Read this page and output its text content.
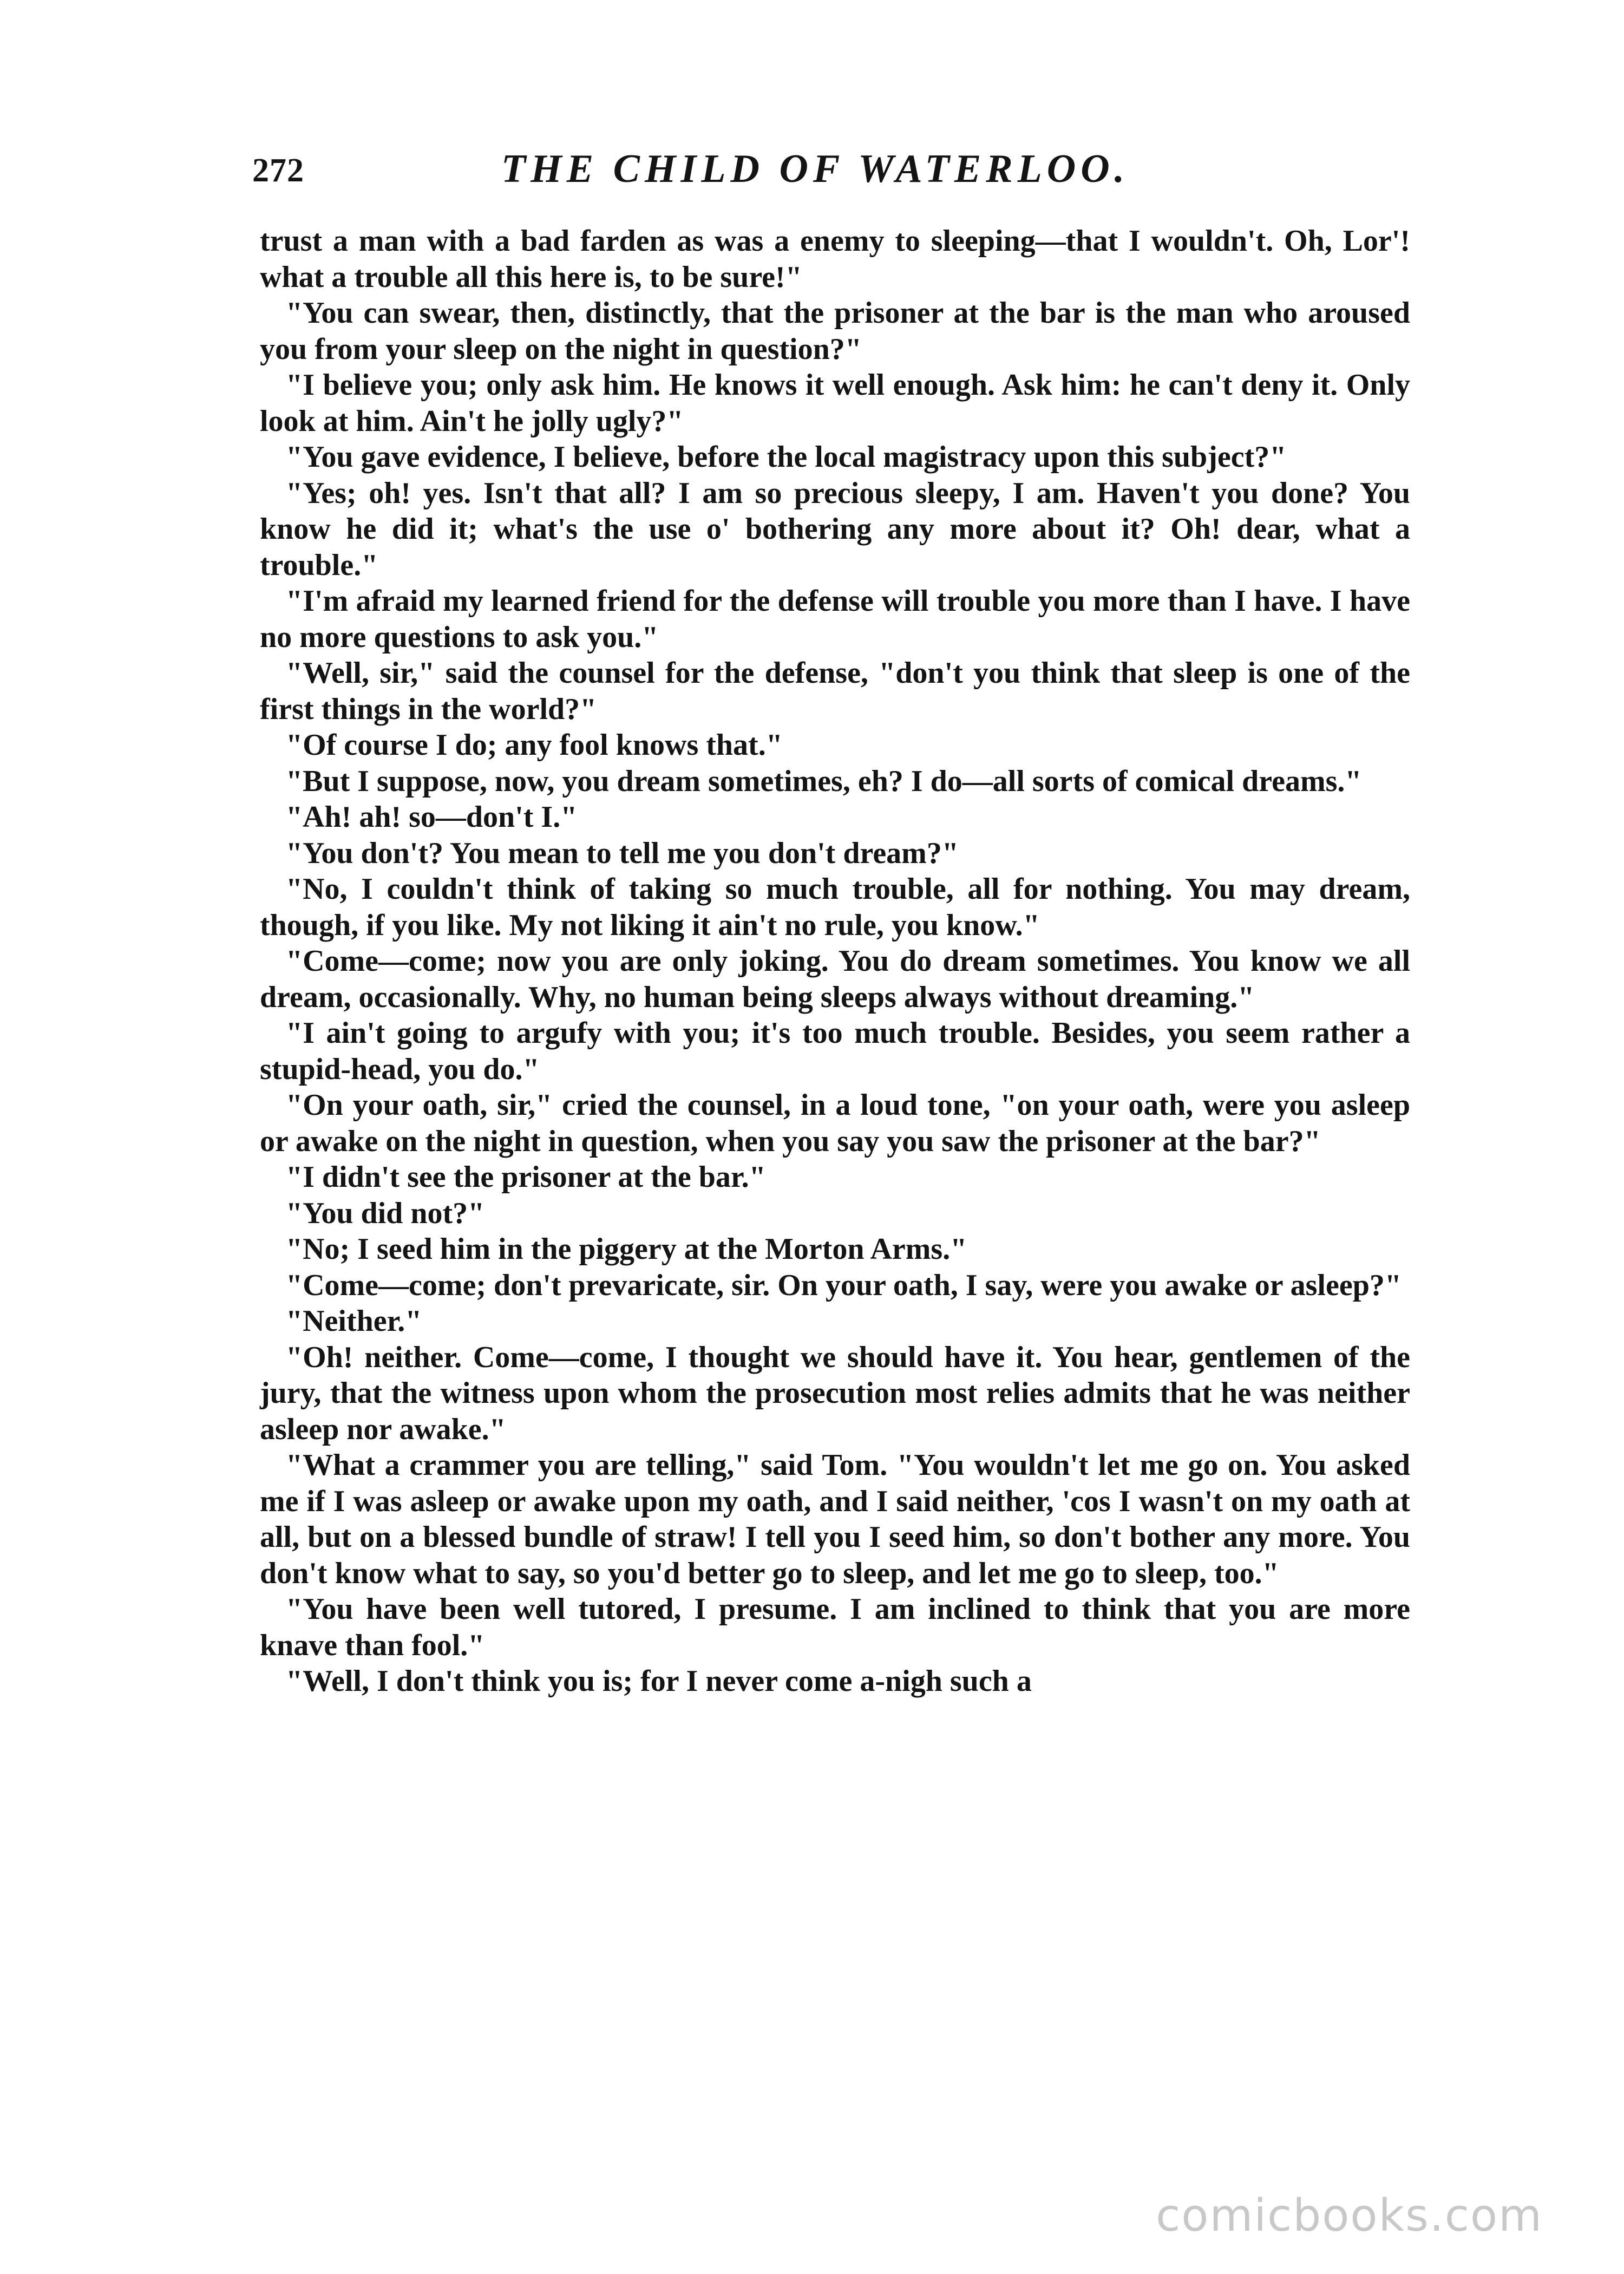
272	THE CHILD OF WATERLOO.

trust a man with a bad farden as was a enemy to sleeping—that I wouldn't. Oh, Lor'! what a trouble all this here is, to be sure!"

"You can swear, then, distinctly, that the prisoner at the bar is the man who aroused you from your sleep on the night in question?"

"I believe you; only ask him. He knows it well enough. Ask him: he can't deny it. Only look at him. Ain't he jolly ugly?"

"You gave evidence, I believe, before the local magistracy upon this subject?"

"Yes; oh! yes. Isn't that all? I am so precious sleepy, I am. Haven't you done? You know he did it; what's the use o' bothering any more about it? Oh! dear, what a trouble."

"I'm afraid my learned friend for the defense will trouble you more than I have. I have no more questions to ask you."

"Well, sir," said the counsel for the defense, "don't you think that sleep is one of the first things in the world?"

"Of course I do; any fool knows that."

"But I suppose, now, you dream sometimes, eh? I do—all sorts of comical dreams."

"Ah! ah! so—don't I."

"You don't? You mean to tell me you don't dream?"

"No, I couldn't think of taking so much trouble, all for nothing. You may dream, though, if you like. My not liking it ain't no rule, you know."

"Come—come; now you are only joking. You do dream sometimes. You know we all dream, occasionally. Why, no human being sleeps always without dreaming."

"I ain't going to argufy with you; it's too much trouble. Besides, you seem rather a stupid-head, you do."

"On your oath, sir," cried the counsel, in a loud tone, "on your oath, were you asleep or awake on the night in question, when you say you saw the prisoner at the bar?"

"I didn't see the prisoner at the bar."

"You did not?"

"No; I seed him in the piggery at the Morton Arms."

"Come—come; don't prevaricate, sir. On your oath, I say, were you awake or asleep?"

"Neither."

"Oh! neither. Come—come, I thought we should have it. You hear, gentlemen of the jury, that the witness upon whom the prosecution most relies admits that he was neither asleep nor awake."

"What a crammer you are telling," said Tom. "You wouldn't let me go on. You asked me if I was asleep or awake upon my oath, and I said neither, 'cos I wasn't on my oath at all, but on a blessed bundle of straw! I tell you I seed him, so don't bother any more. You don't know what to say, so you'd better go to sleep, and let me go to sleep, too."

"You have been well tutored, I presume. I am inclined to think that you are more knave than fool."

"Well, I don't think you is; for I never come a-nigh such a

comicbooks.com
